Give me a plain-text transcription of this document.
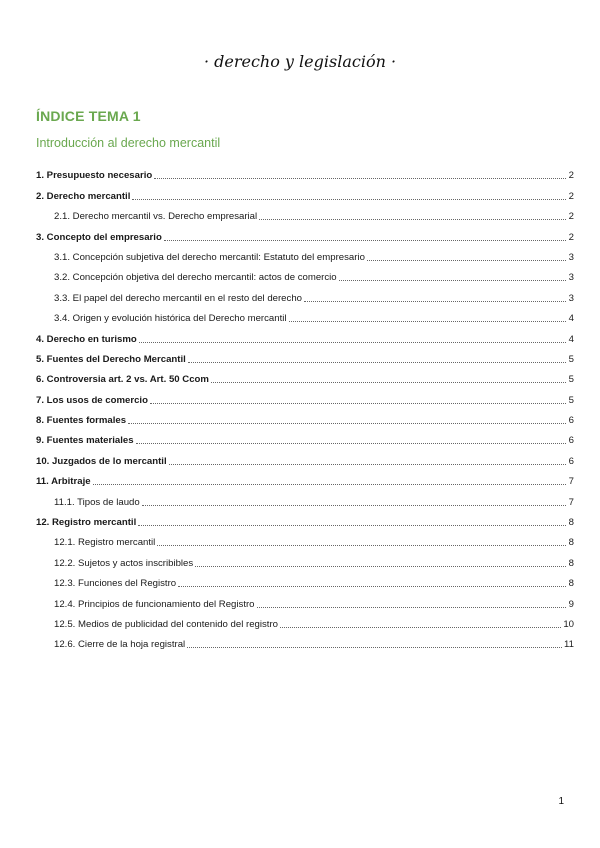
· derecho y legislación ·
ÍNDICE TEMA 1
Introducción al derecho mercantil
1. Presupuesto necesario	2
2. Derecho mercantil	2
2.1. Derecho mercantil vs. Derecho empresarial	2
3. Concepto del empresario	2
3.1. Concepción subjetiva del derecho mercantil: Estatuto del empresario	3
3.2. Concepción objetiva del derecho mercantil: actos de comercio	3
3.3. El papel del derecho mercantil en el resto del derecho	3
3.4. Origen y evolución histórica del Derecho mercantil	4
4. Derecho en turismo	4
5. Fuentes del Derecho Mercantil	5
6. Controversia art. 2 vs. Art. 50 Ccom	5
7. Los usos de comercio	5
8. Fuentes formales	6
9. Fuentes materiales	6
10. Juzgados de lo mercantil	6
11. Arbitraje	7
11.1. Tipos de laudo	7
12. Registro mercantil	8
12.1. Registro mercantil	8
12.2. Sujetos y actos inscribibles	8
12.3. Funciones del Registro	8
12.4. Principios de funcionamiento del Registro	9
12.5. Medios de publicidad del contenido del registro	10
12.6. Cierre de la hoja registral	11
1
